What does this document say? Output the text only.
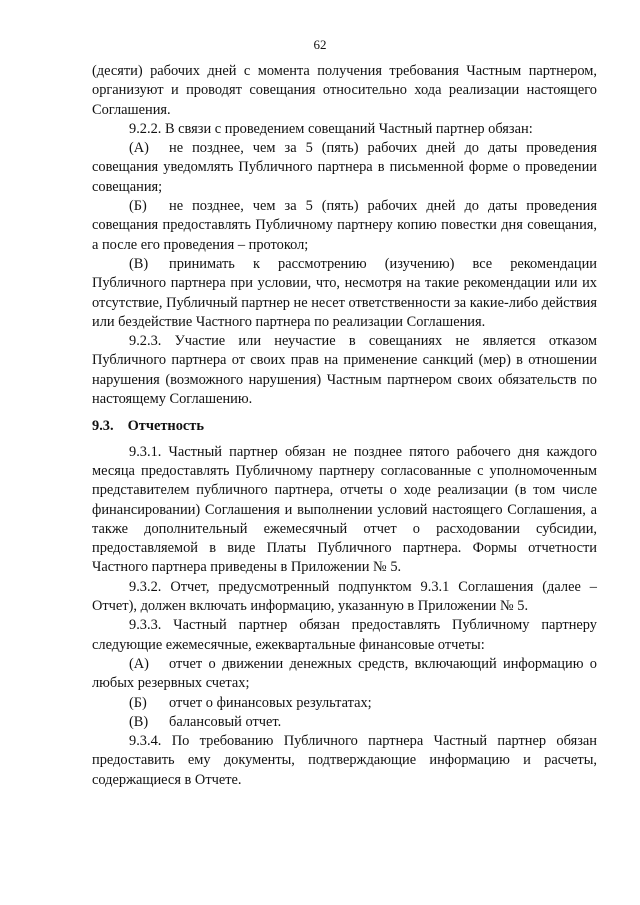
62

(десяти) рабочих дней с момента получения требования Частным партнером, организуют и проводят совещания относительно хода реализации настоящего Соглашения.

9.2.2. В связи с проведением совещаний Частный партнер обязан:

(А) не позднее, чем за 5 (пять) рабочих дней до даты проведения совещания уведомлять Публичного партнера в письменной форме о проведении совещания;

(Б) не позднее, чем за 5 (пять) рабочих дней до даты проведения совещания предоставлять Публичному партнеру копию повестки дня совещания, а после его проведения – протокол;

(В) принимать к рассмотрению (изучению) все рекомендации Публичного партнера при условии, что, несмотря на такие рекомендации или их отсутствие, Публичный партнер не несет ответственности за какие-либо действия или бездействие Частного партнера по реализации Соглашения.

9.2.3. Участие или неучастие в совещаниях не является отказом Публичного партнера от своих прав на применение санкций (мер) в отношении нарушения (возможного нарушения) Частным партнером своих обязательств по настоящему Соглашению.

9.3. Отчетность

9.3.1. Частный партнер обязан не позднее пятого рабочего дня каждого месяца предоставлять Публичному партнеру согласованные с уполномоченным представителем публичного партнера, отчеты о ходе реализации (в том числе финансировании) Соглашения и выполнении условий настоящего Соглашения, а также дополнительный ежемесячный отчет о расходовании субсидии, предоставляемой в виде Платы Публичного партнера. Формы отчетности Частного партнера приведены в Приложении № 5.

9.3.2. Отчет, предусмотренный подпунктом 9.3.1 Соглашения (далее – Отчет), должен включать информацию, указанную в Приложении № 5.

9.3.3. Частный партнер обязан предоставлять Публичному партнеру следующие ежемесячные, ежеквартальные финансовые отчеты:

(А) отчет о движении денежных средств, включающий информацию о любых резервных счетах;

(Б) отчет о финансовых результатах;

(В) балансовый отчет.

9.3.4. По требованию Публичного партнера Частный партнер обязан предоставить ему документы, подтверждающие информацию и расчеты, содержащиеся в Отчете.
